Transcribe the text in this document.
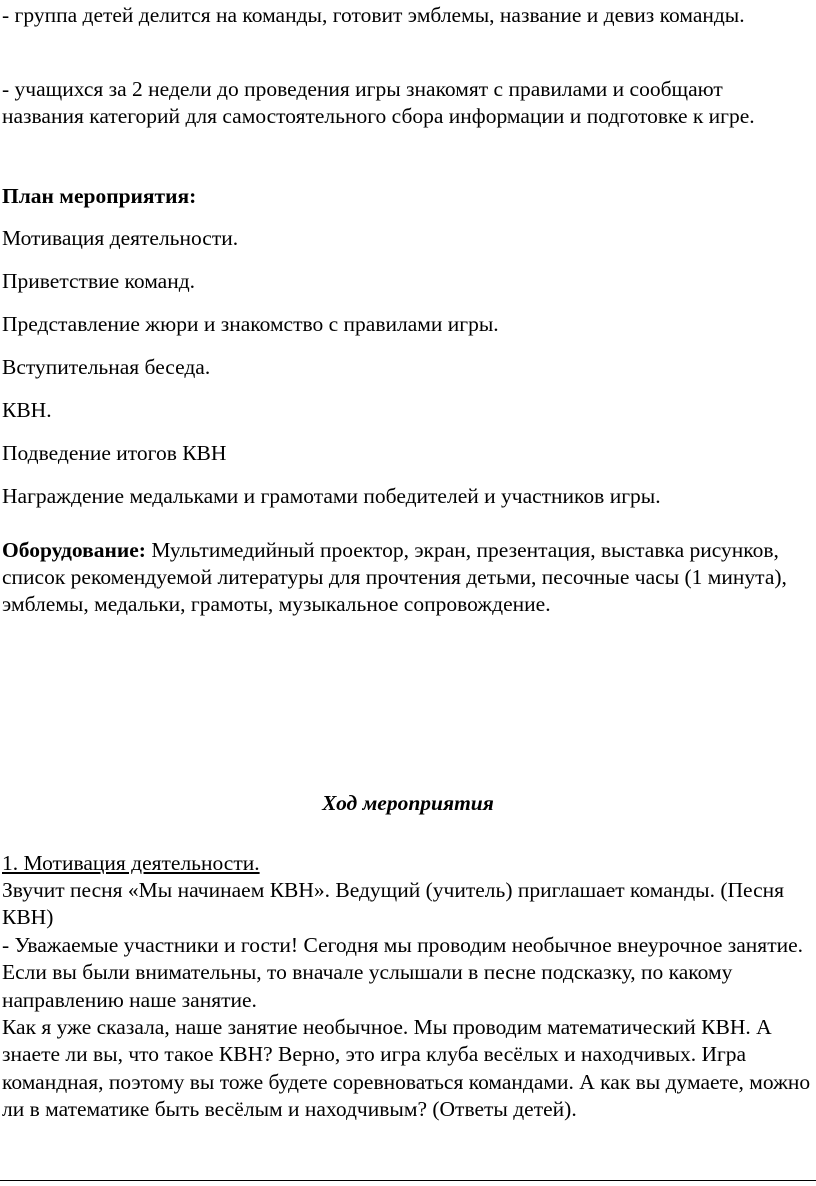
- группа детей делится на команды, готовит эмблемы, название и девиз команды.

- учащихся за 2 недели до проведения игры знакомят с правилами и сообщают названия категорий для самостоятельного сбора информации и подготовке к игре.

План мероприятия:

Мотивация деятельности.

Приветствие команд.

Представление жюри и знакомство с правилами игры.

Вступительная беседа.

КВН.

Подведение итогов КВН

Награждение медальками и грамотами победителей и участников игры.

Оборудование: Мультимедийный проектор, экран, презентация, выставка рисунков, список рекомендуемой литературы для прочтения детьми, песочные часы (1 минута), эмблемы, медальки, грамоты, музыкальное сопровождение.

Ход мероприятия
1. Мотивация деятельности.

Звучит песня «Мы начинаем КВН». Ведущий (учитель) приглашает команды. (Песня КВН)

- Уважаемые участники и гости! Сегодня мы проводим необычное внеурочное занятие. Если вы были внимательны, то вначале услышали в песне подсказку, по какому направлению наше занятие.

Как я уже сказала, наше занятие необычное. Мы проводим математический КВН. А знаете ли вы, что такое КВН? Верно, это игра клуба весёлых и находчивых. Игра командная, поэтому вы тоже будете соревноваться командами. А как вы думаете, можно ли в математике быть весёлым и находчивым? (Ответы детей).
